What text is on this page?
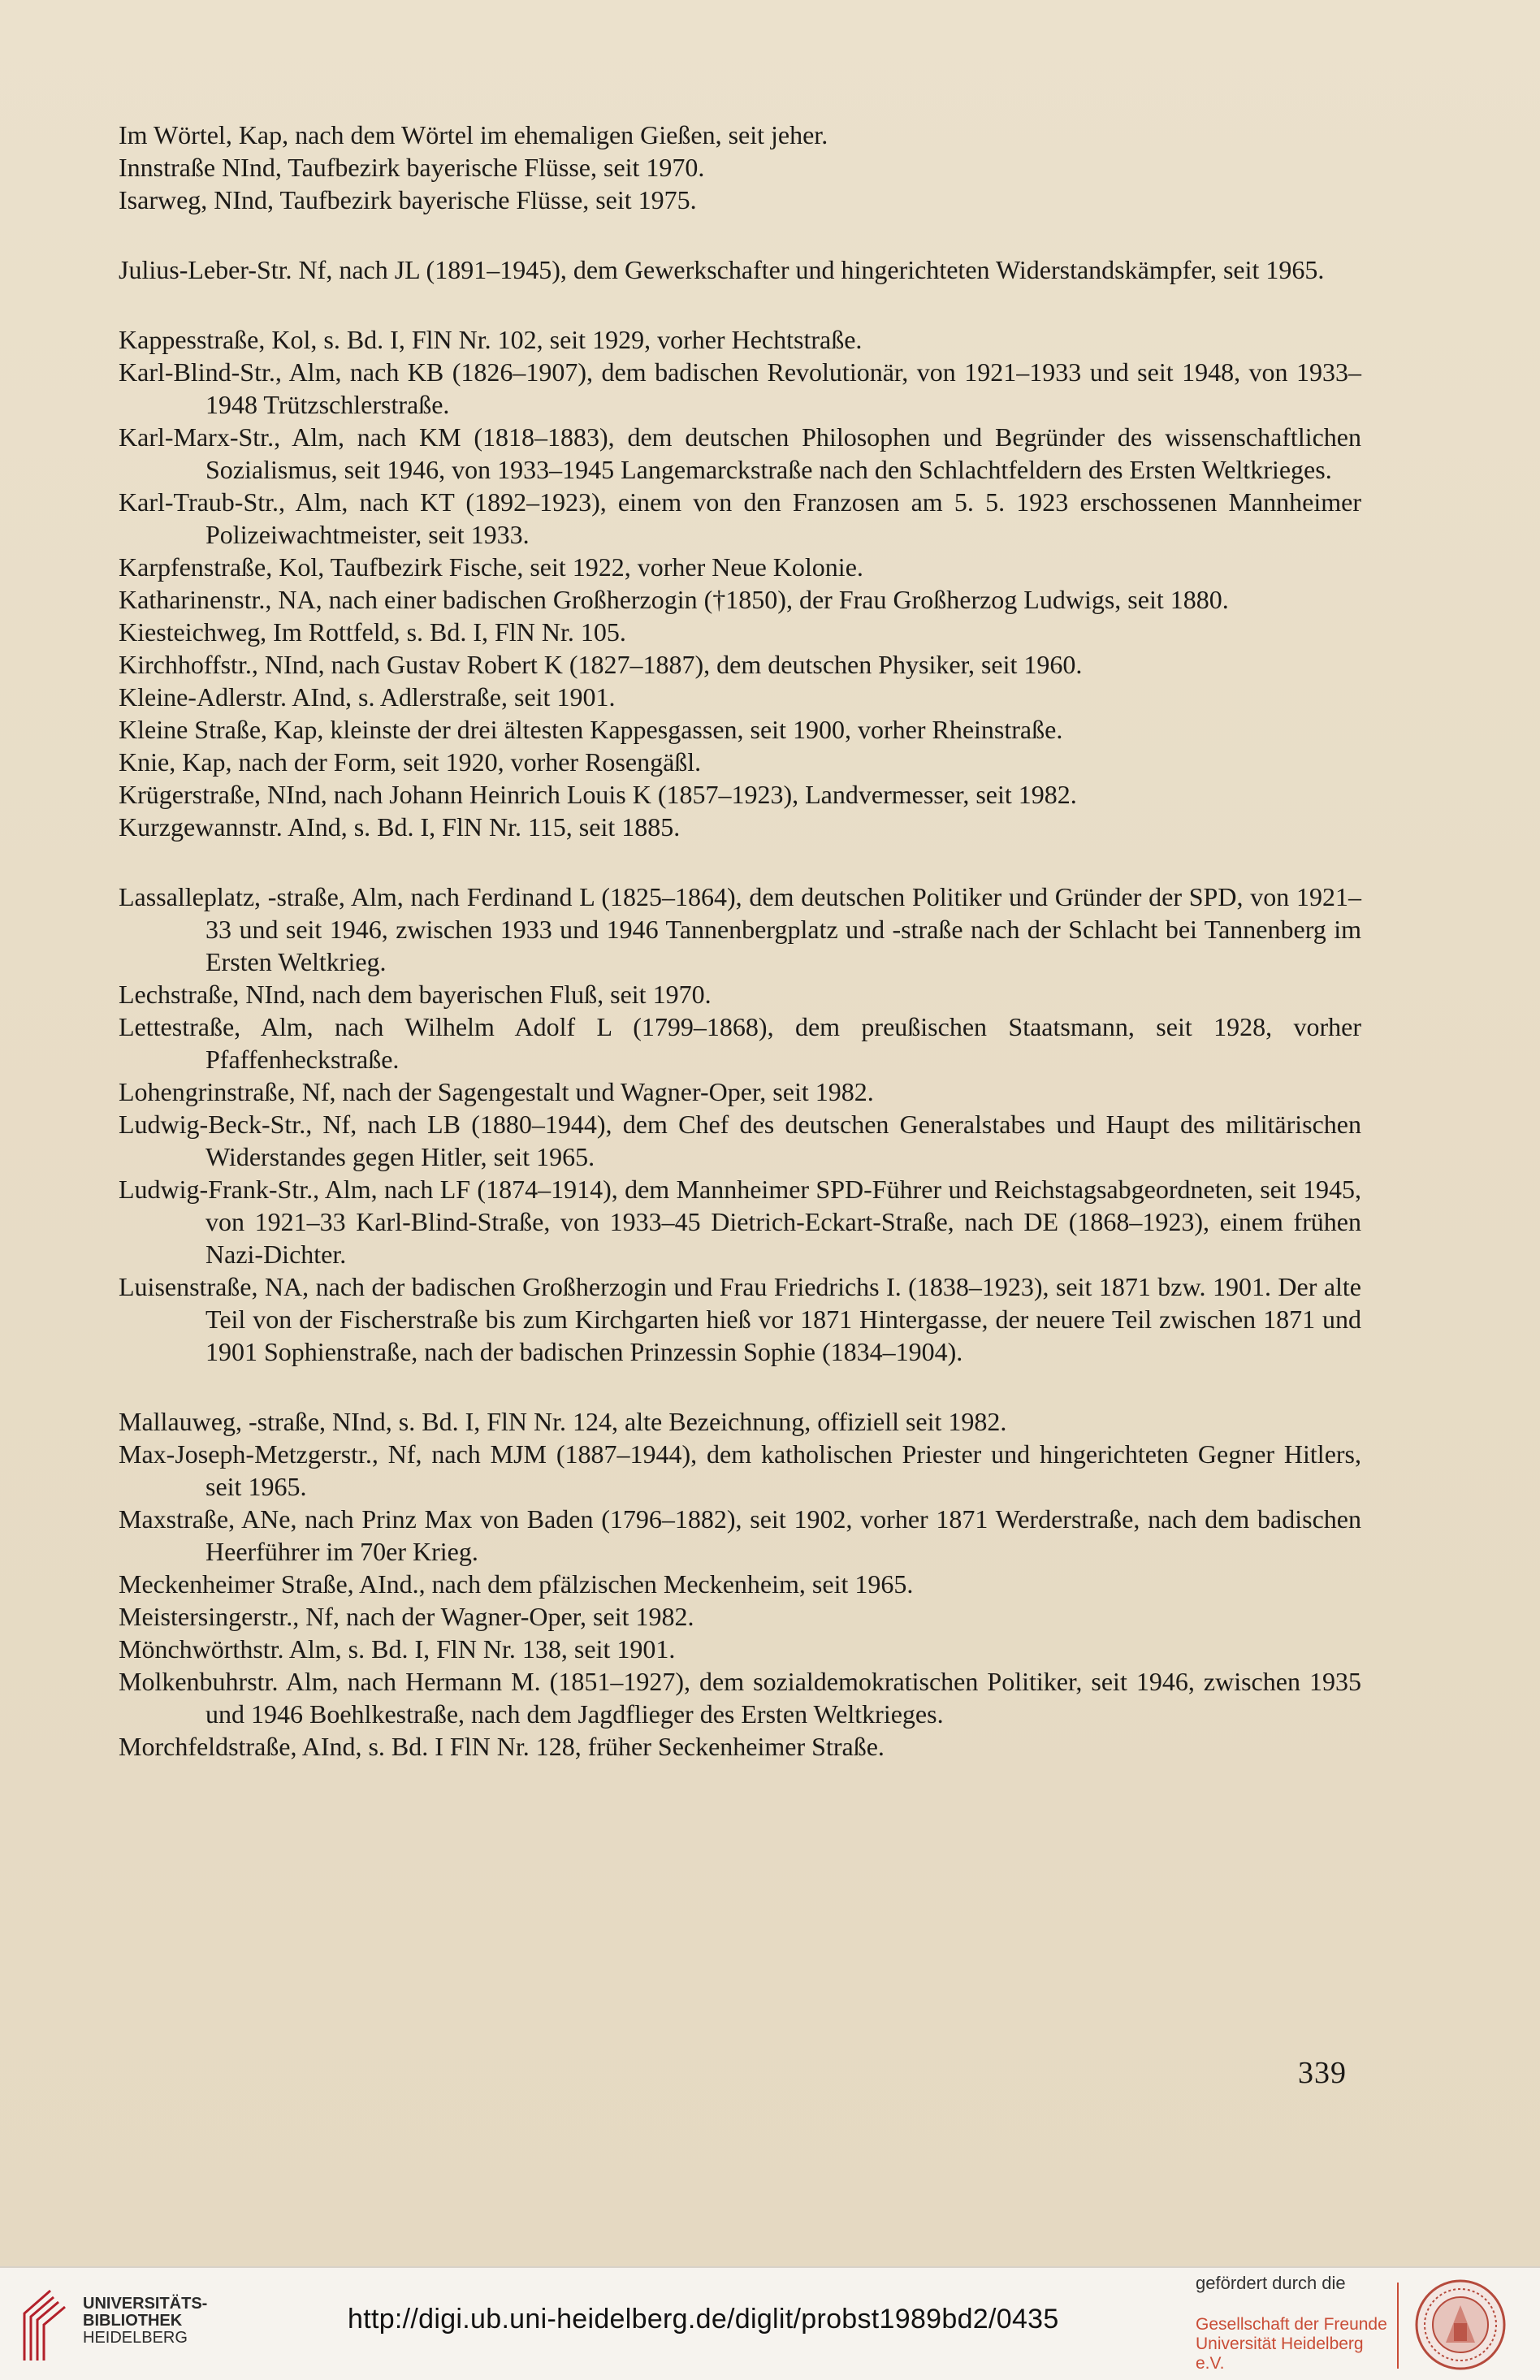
Im Wörtel, Kap, nach dem Wörtel im ehemaligen Gießen, seit jeher.
Innstraße NInd, Taufbezirk bayerische Flüsse, seit 1970.
Isarweg, NInd, Taufbezirk bayerische Flüsse, seit 1975.
Julius-Leber-Str. Nf, nach JL (1891–1945), dem Gewerkschafter und hingerichteten Widerstandskämpfer, seit 1965.
Kappesstraße, Kol, s. Bd. I, FlN Nr. 102, seit 1929, vorher Hechtstraße.
Karl-Blind-Str., Alm, nach KB (1826–1907), dem badischen Revolutionär, von 1921–1933 und seit 1948, von 1933–1948 Trützschlerstraße.
Karl-Marx-Str., Alm, nach KM (1818–1883), dem deutschen Philosophen und Begründer des wissenschaftlichen Sozialismus, seit 1946, von 1933–1945 Langemarckstraße nach den Schlachtfeldern des Ersten Weltkrieges.
Karl-Traub-Str., Alm, nach KT (1892–1923), einem von den Franzosen am 5. 5. 1923 erschossenen Mannheimer Polizeiwachtmeister, seit 1933.
Karpfenstraße, Kol, Taufbezirk Fische, seit 1922, vorher Neue Kolonie.
Katharinenstr., NA, nach einer badischen Großherzogin (†1850), der Frau Großherzog Ludwigs, seit 1880.
Kiesteichweg, Im Rottfeld, s. Bd. I, FlN Nr. 105.
Kirchhoffstr., NInd, nach Gustav Robert K (1827–1887), dem deutschen Physiker, seit 1960.
Kleine-Adlerstr. AInd, s. Adlerstraße, seit 1901.
Kleine Straße, Kap, kleinste der drei ältesten Kappesgassen, seit 1900, vorher Rheinstraße.
Knie, Kap, nach der Form, seit 1920, vorher Rosengäßl.
Krügerstraße, NInd, nach Johann Heinrich Louis K (1857–1923), Landvermesser, seit 1982.
Kurzgewannstr. AInd, s. Bd. I, FlN Nr. 115, seit 1885.
Lassalleplatz, -straße, Alm, nach Ferdinand L (1825–1864), dem deutschen Politiker und Gründer der SPD, von 1921–33 und seit 1946, zwischen 1933 und 1946 Tannenbergplatz und -straße nach der Schlacht bei Tannenberg im Ersten Weltkrieg.
Lechstraße, NInd, nach dem bayerischen Fluß, seit 1970.
Lettestraße, Alm, nach Wilhelm Adolf L (1799–1868), dem preußischen Staatsmann, seit 1928, vorher Pfaffenheckstraße.
Lohengrinstraße, Nf, nach der Sagengestalt und Wagner-Oper, seit 1982.
Ludwig-Beck-Str., Nf, nach LB (1880–1944), dem Chef des deutschen Generalstabes und Haupt des militärischen Widerstandes gegen Hitler, seit 1965.
Ludwig-Frank-Str., Alm, nach LF (1874–1914), dem Mannheimer SPD-Führer und Reichstagsabgeordneten, seit 1945, von 1921–33 Karl-Blind-Straße, von 1933–45 Dietrich-Eckart-Straße, nach DE (1868–1923), einem frühen Nazi-Dichter.
Luisenstraße, NA, nach der badischen Großherzogin und Frau Friedrichs I. (1838–1923), seit 1871 bzw. 1901. Der alte Teil von der Fischerstraße bis zum Kirchgarten hieß vor 1871 Hintergasse, der neuere Teil zwischen 1871 und 1901 Sophienstraße, nach der badischen Prinzessin Sophie (1834–1904).
Mallauweg, -straße, NInd, s. Bd. I, FlN Nr. 124, alte Bezeichnung, offiziell seit 1982.
Max-Joseph-Metzgerstr., Nf, nach MJM (1887–1944), dem katholischen Priester und hingerichteten Gegner Hitlers, seit 1965.
Maxstraße, ANe, nach Prinz Max von Baden (1796–1882), seit 1902, vorher 1871 Werderstraße, nach dem badischen Heerführer im 70er Krieg.
Meckenheimer Straße, AInd., nach dem pfälzischen Meckenheim, seit 1965.
Meistersingerstr., Nf, nach der Wagner-Oper, seit 1982.
Mönchwörthstr. Alm, s. Bd. I, FlN Nr. 138, seit 1901.
Molkenbuhrstr. Alm, nach Hermann M. (1851–1927), dem sozialdemokratischen Politiker, seit 1946, zwischen 1935 und 1946 Boehlkestraße, nach dem Jagdflieger des Ersten Weltkrieges.
Morchfeldstraße, AInd, s. Bd. I FlN Nr. 128, früher Seckenheimer Straße.
339
UNIVERSITÄTS-
BIBLIOTHEK
HEIDELBERG
http://digi.ub.uni-heidelberg.de/diglit/probst1989bd2/0435
gefördert durch die
Gesellschaft der Freunde
Universität Heidelberg e.V.
